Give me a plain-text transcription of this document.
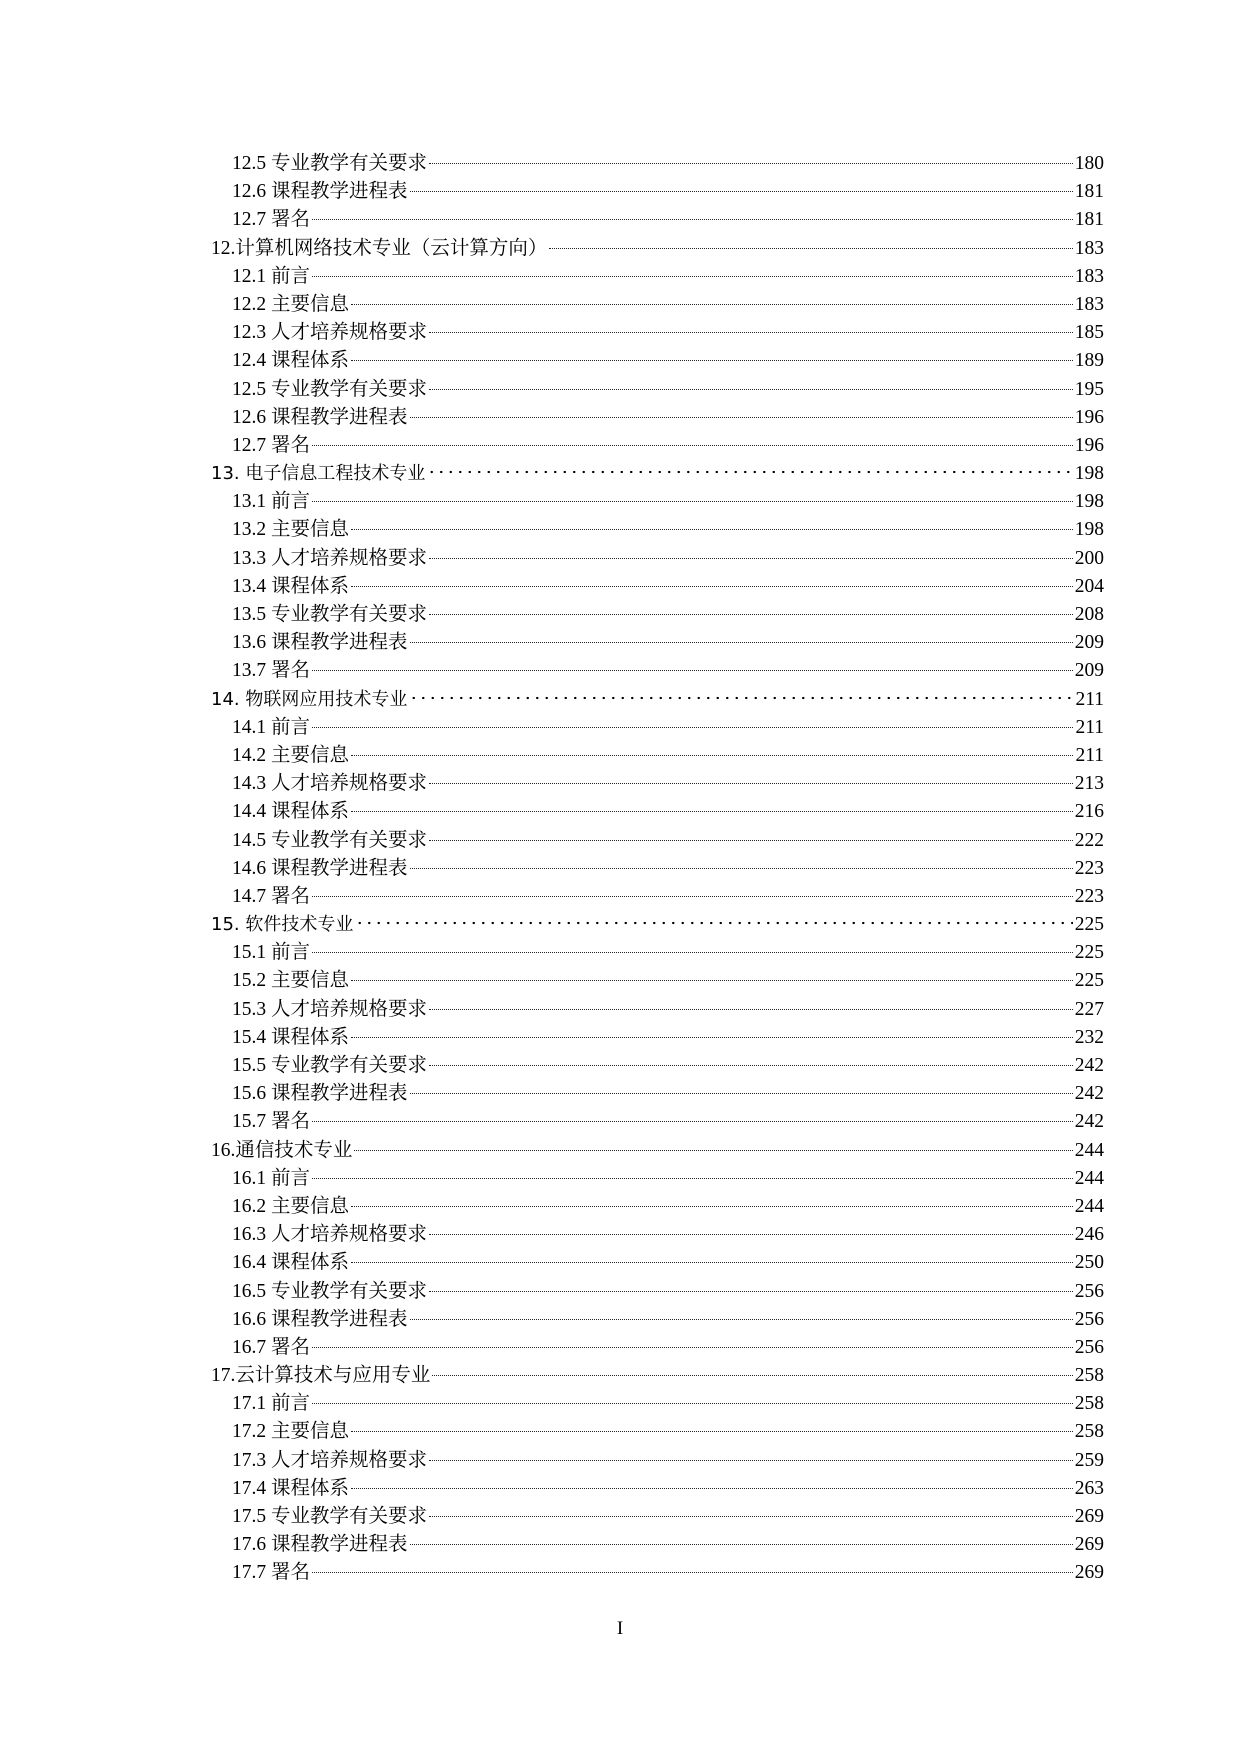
12.5 专业教学有关要求	180
12.6 课程教学进程表	181
12.7 署名	181
12.计算机网络技术专业（云计算方向）	183
12.1 前言	183
12.2 主要信息	183
12.3 人才培养规格要求	185
12.4 课程体系	189
12.5 专业教学有关要求	195
12.6 课程教学进程表	196
12.7 署名	196
13. 电子信息工程技术专业	198
13.1 前言	198
13.2 主要信息	198
13.3 人才培养规格要求	200
13.4 课程体系	204
13.5 专业教学有关要求	208
13.6 课程教学进程表	209
13.7 署名	209
14. 物联网应用技术专业	211
14.1 前言	211
14.2 主要信息	211
14.3 人才培养规格要求	213
14.4 课程体系	216
14.5 专业教学有关要求	222
14.6 课程教学进程表	223
14.7 署名	223
15. 软件技术专业	225
15.1 前言	225
15.2 主要信息	225
15.3 人才培养规格要求	227
15.4 课程体系	232
15.5 专业教学有关要求	242
15.6 课程教学进程表	242
15.7 署名	242
16.通信技术专业	244
16.1 前言	244
16.2 主要信息	244
16.3 人才培养规格要求	246
16.4 课程体系	250
16.5 专业教学有关要求	256
16.6 课程教学进程表	256
16.7 署名	256
17.云计算技术与应用专业	258
17.1 前言	258
17.2 主要信息	258
17.3 人才培养规格要求	259
17.4 课程体系	263
17.5 专业教学有关要求	269
17.6 课程教学进程表	269
17.7 署名	269
I
